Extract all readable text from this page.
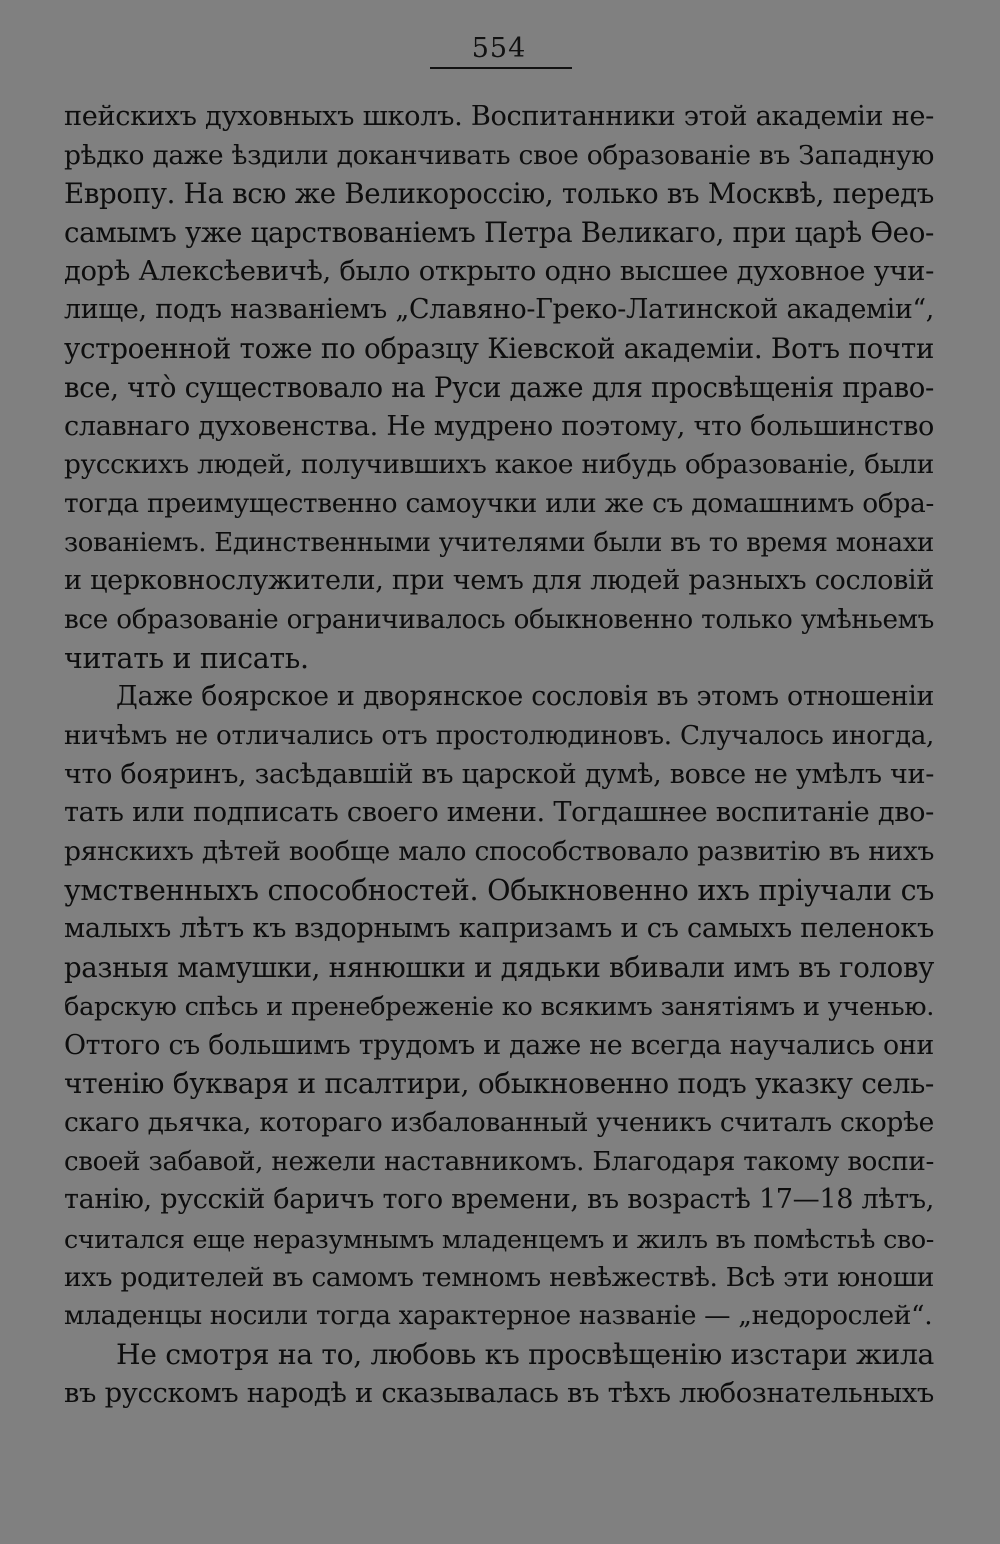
554
пейскихъ духовныхъ школъ. Воспитанники этой академіи не-
рѣдко даже ѣздили доканчивать свое образованіе въ Западную
Европу. На всю же Великороссію, только въ Москвѣ, передъ
самымъ уже царствованіемъ Петра Великаго, при царѣ Ѳео-
дорѣ Алексѣевичѣ, было открыто одно высшее духовное учи-
лище, подъ названіемъ „Славяно-Греко-Латинской академіи“,
устроенной тоже по образцу Кіевской академіи. Вотъ почти
все, что̀ существовало на Руси даже для просвѣщенія право-
славнаго духовенства. Не мудрено поэтому, что большинство
русскихъ людей, получившихъ какое нибудь образованіе, были
тогда преимущественно самоучки или же съ домашнимъ обра-
зованіемъ. Единственными учителями были въ то время монахи
и церковнослужители, при чемъ для людей разныхъ сословій
все образованіе ограничивалось обыкновенно только умѣньемъ
читать и писать.
Даже боярское и дворянское сословія въ этомъ отношеніи
ничѣмъ не отличались отъ простолюдиновъ. Случалось иногда,
что бояринъ, засѣдавшій въ царской думѣ, вовсе не умѣлъ чи-
тать или подписать своего имени. Тогдашнее воспитаніе дво-
рянскихъ дѣтей вообще мало способствовало развитію въ нихъ
умственныхъ способностей. Обыкновенно ихъ пріучали съ
малыхъ лѣтъ къ вздорнымъ капризамъ и съ самыхъ пеленокъ
разныя мамушки, нянюшки и дядьки вбивали имъ въ голову
барскую спѣсь и пренебреженіе ко всякимъ занятіямъ и ученью.
Оттого съ большимъ трудомъ и даже не всегда научались они
чтенію букваря и псалтири, обыкновенно подъ указку сель-
скаго дьячка, котораго избалованный ученикъ считалъ скорѣе
своей забавой, нежели наставникомъ. Благодаря такому воспи-
танію, русскій баричъ того времени, въ возрастѣ 17—18 лѣтъ,
считался еще неразумнымъ младенцемъ и жилъ въ помѣстьѣ сво-
ихъ родителей въ самомъ темномъ невѣжествѣ. Всѣ эти юноши
младенцы носили тогда характерное названіе — „недорослей“.
Не смотря на то, любовь къ просвѣщенію изстари жила
въ русскомъ народѣ и сказывалась въ тѣхъ любознательныхъ
